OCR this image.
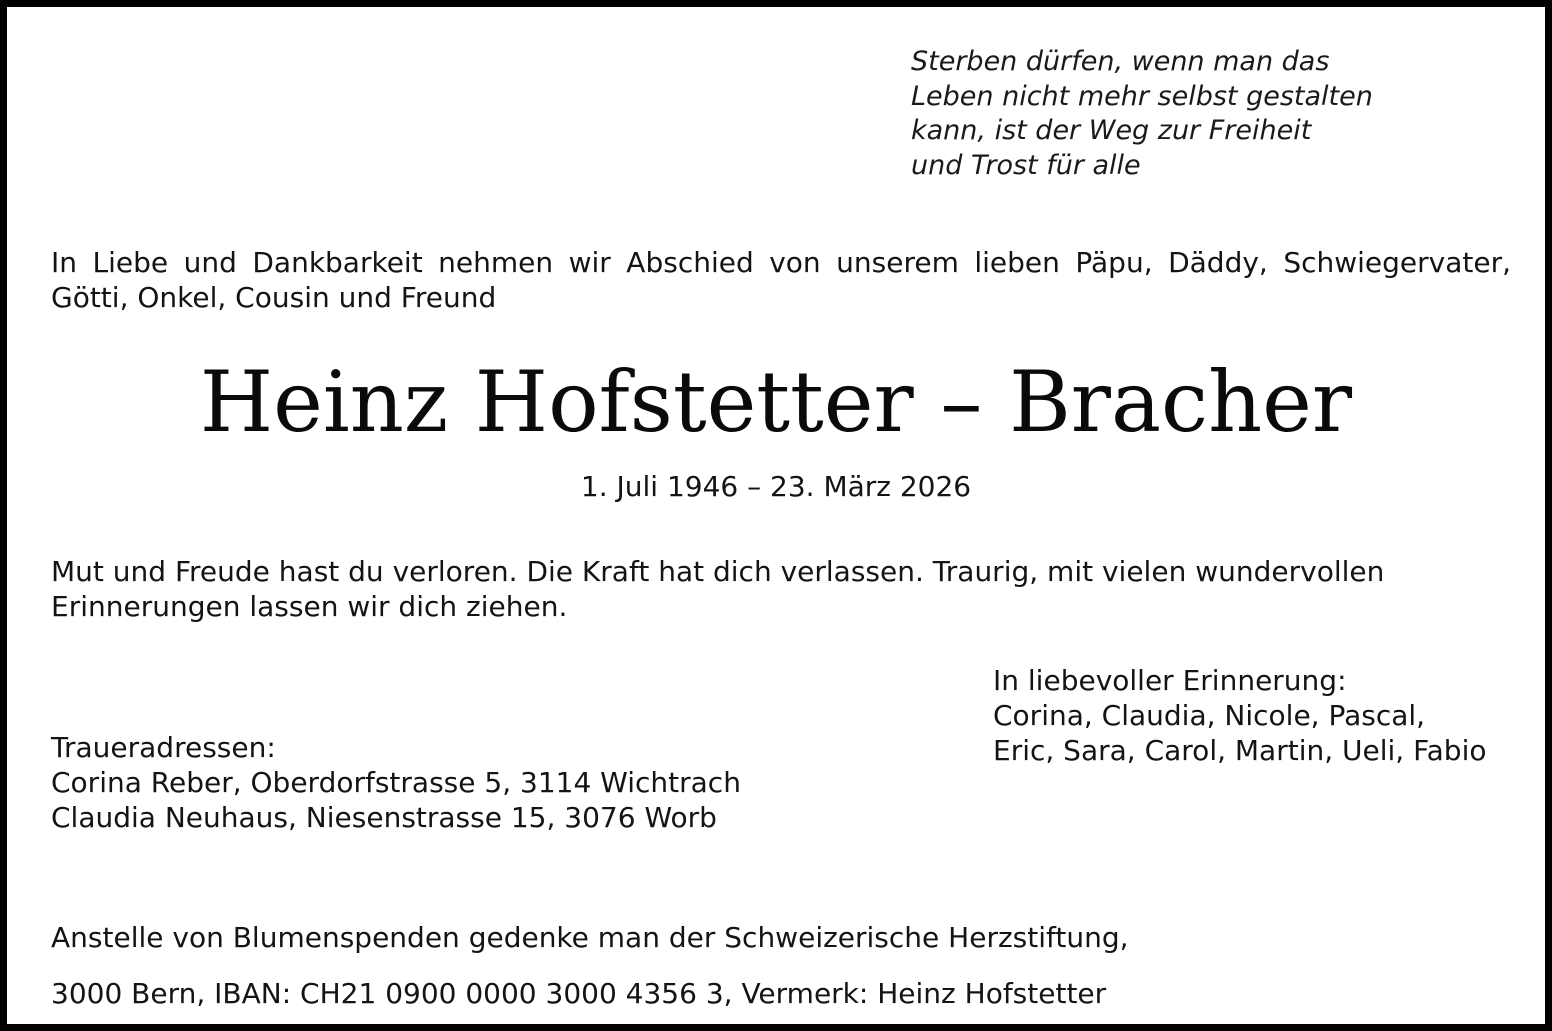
Sterben dürfen, wenn man das
Leben nicht mehr selbst gestalten
kann, ist der Weg zur Freiheit
und Trost für alle
In Liebe und Dankbarkeit nehmen wir Abschied von unserem lieben Päpu, Däddy, Schwiegervater, Götti, Onkel, Cousin und Freund
Heinz Hofstetter – Bracher
1. Juli 1946 – 23. März 2026
Mut und Freude hast du verloren. Die Kraft hat dich verlassen. Traurig, mit vielen wundervollen
Erinnerungen lassen wir dich ziehen.
In liebevoller Erinnerung:
Corina, Claudia, Nicole, Pascal,
Eric, Sara, Carol, Martin, Ueli, Fabio
Traueradressen:
Corina Reber, Oberdorfstrasse 5, 3114 Wichtrach
Claudia Neuhaus, Niesenstrasse 15, 3076 Worb
Anstelle von Blumenspenden gedenke man der Schweizerische Herzstiftung,
3000 Bern, IBAN: CH21 0900 0000 3000 4356 3, Vermerk: Heinz Hofstetter
